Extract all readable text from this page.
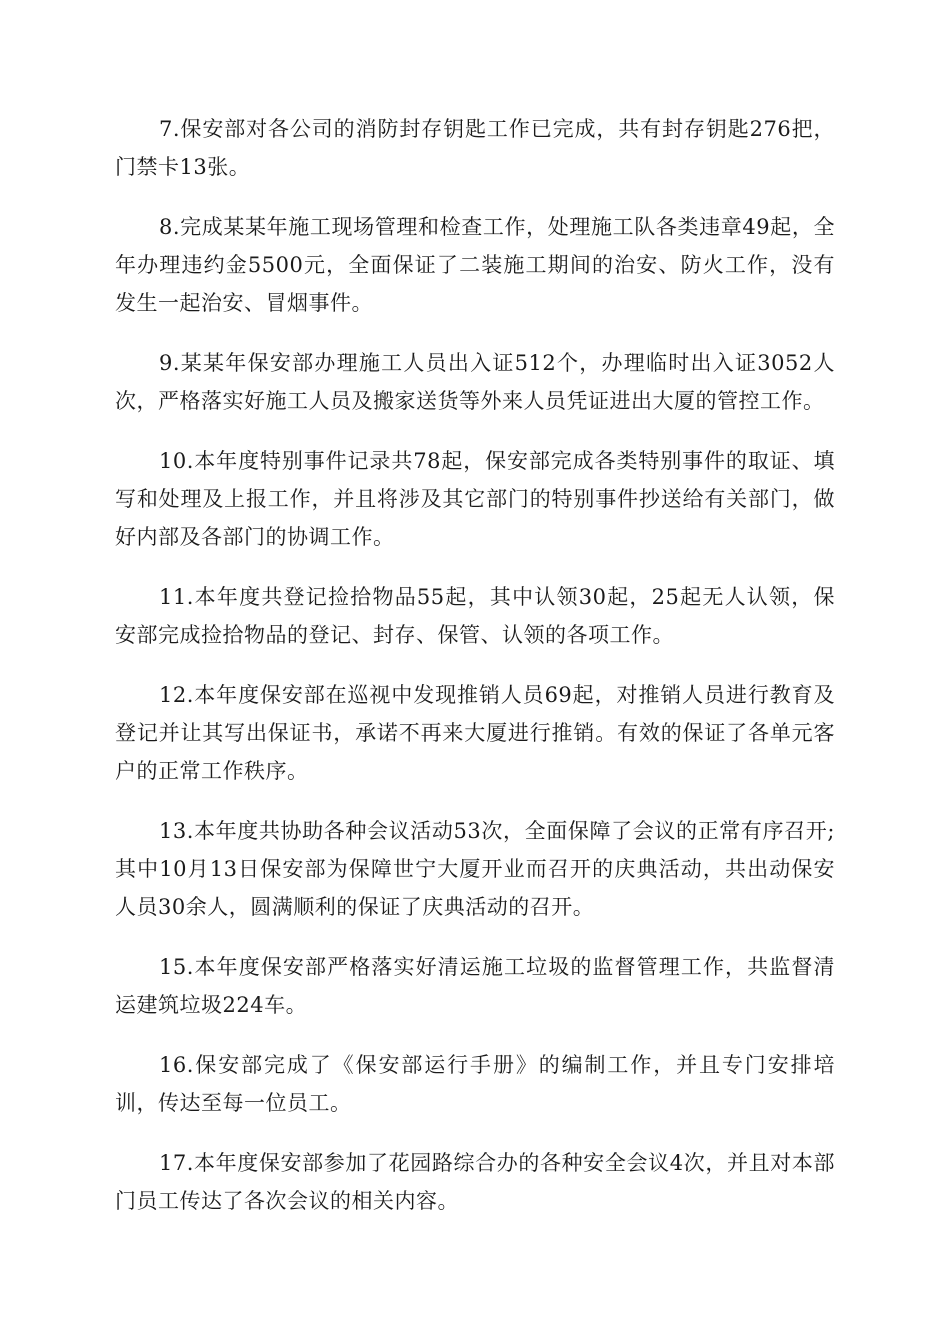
7.保安部对各公司的消防封存钥匙工作已完成，共有封存钥匙276把，门禁卡13张。

8.完成某某年施工现场管理和检查工作，处理施工队各类违章49起，全年办理违约金5500元，全面保证了二装施工期间的治安、防火工作，没有发生一起治安、冒烟事件。

9.某某年保安部办理施工人员出入证512个，办理临时出入证3052人次，严格落实好施工人员及搬家送货等外来人员凭证进出大厦的管控工作。

10.本年度特别事件记录共78起，保安部完成各类特别事件的取证、填写和处理及上报工作，并且将涉及其它部门的特别事件抄送给有关部门，做好内部及各部门的协调工作。

11.本年度共登记捡拾物品55起，其中认领30起，25起无人认领，保安部完成捡拾物品的登记、封存、保管、认领的各项工作。

12.本年度保安部在巡视中发现推销人员69起，对推销人员进行教育及登记并让其写出保证书，承诺不再来大厦进行推销。有效的保证了各单元客户的正常工作秩序。

13.本年度共协助各种会议活动53次，全面保障了会议的正常有序召开;其中10月13日保安部为保障世宁大厦开业而召开的庆典活动，共出动保安人员30余人，圆满顺利的保证了庆典活动的召开。

15.本年度保安部严格落实好清运施工垃圾的监督管理工作，共监督清运建筑垃圾224车。

16.保安部完成了《保安部运行手册》的编制工作，并且专门安排培训，传达至每一位员工。

17.本年度保安部参加了花园路综合办的各种安全会议4次，并且对本部门员工传达了各次会议的相关内容。
